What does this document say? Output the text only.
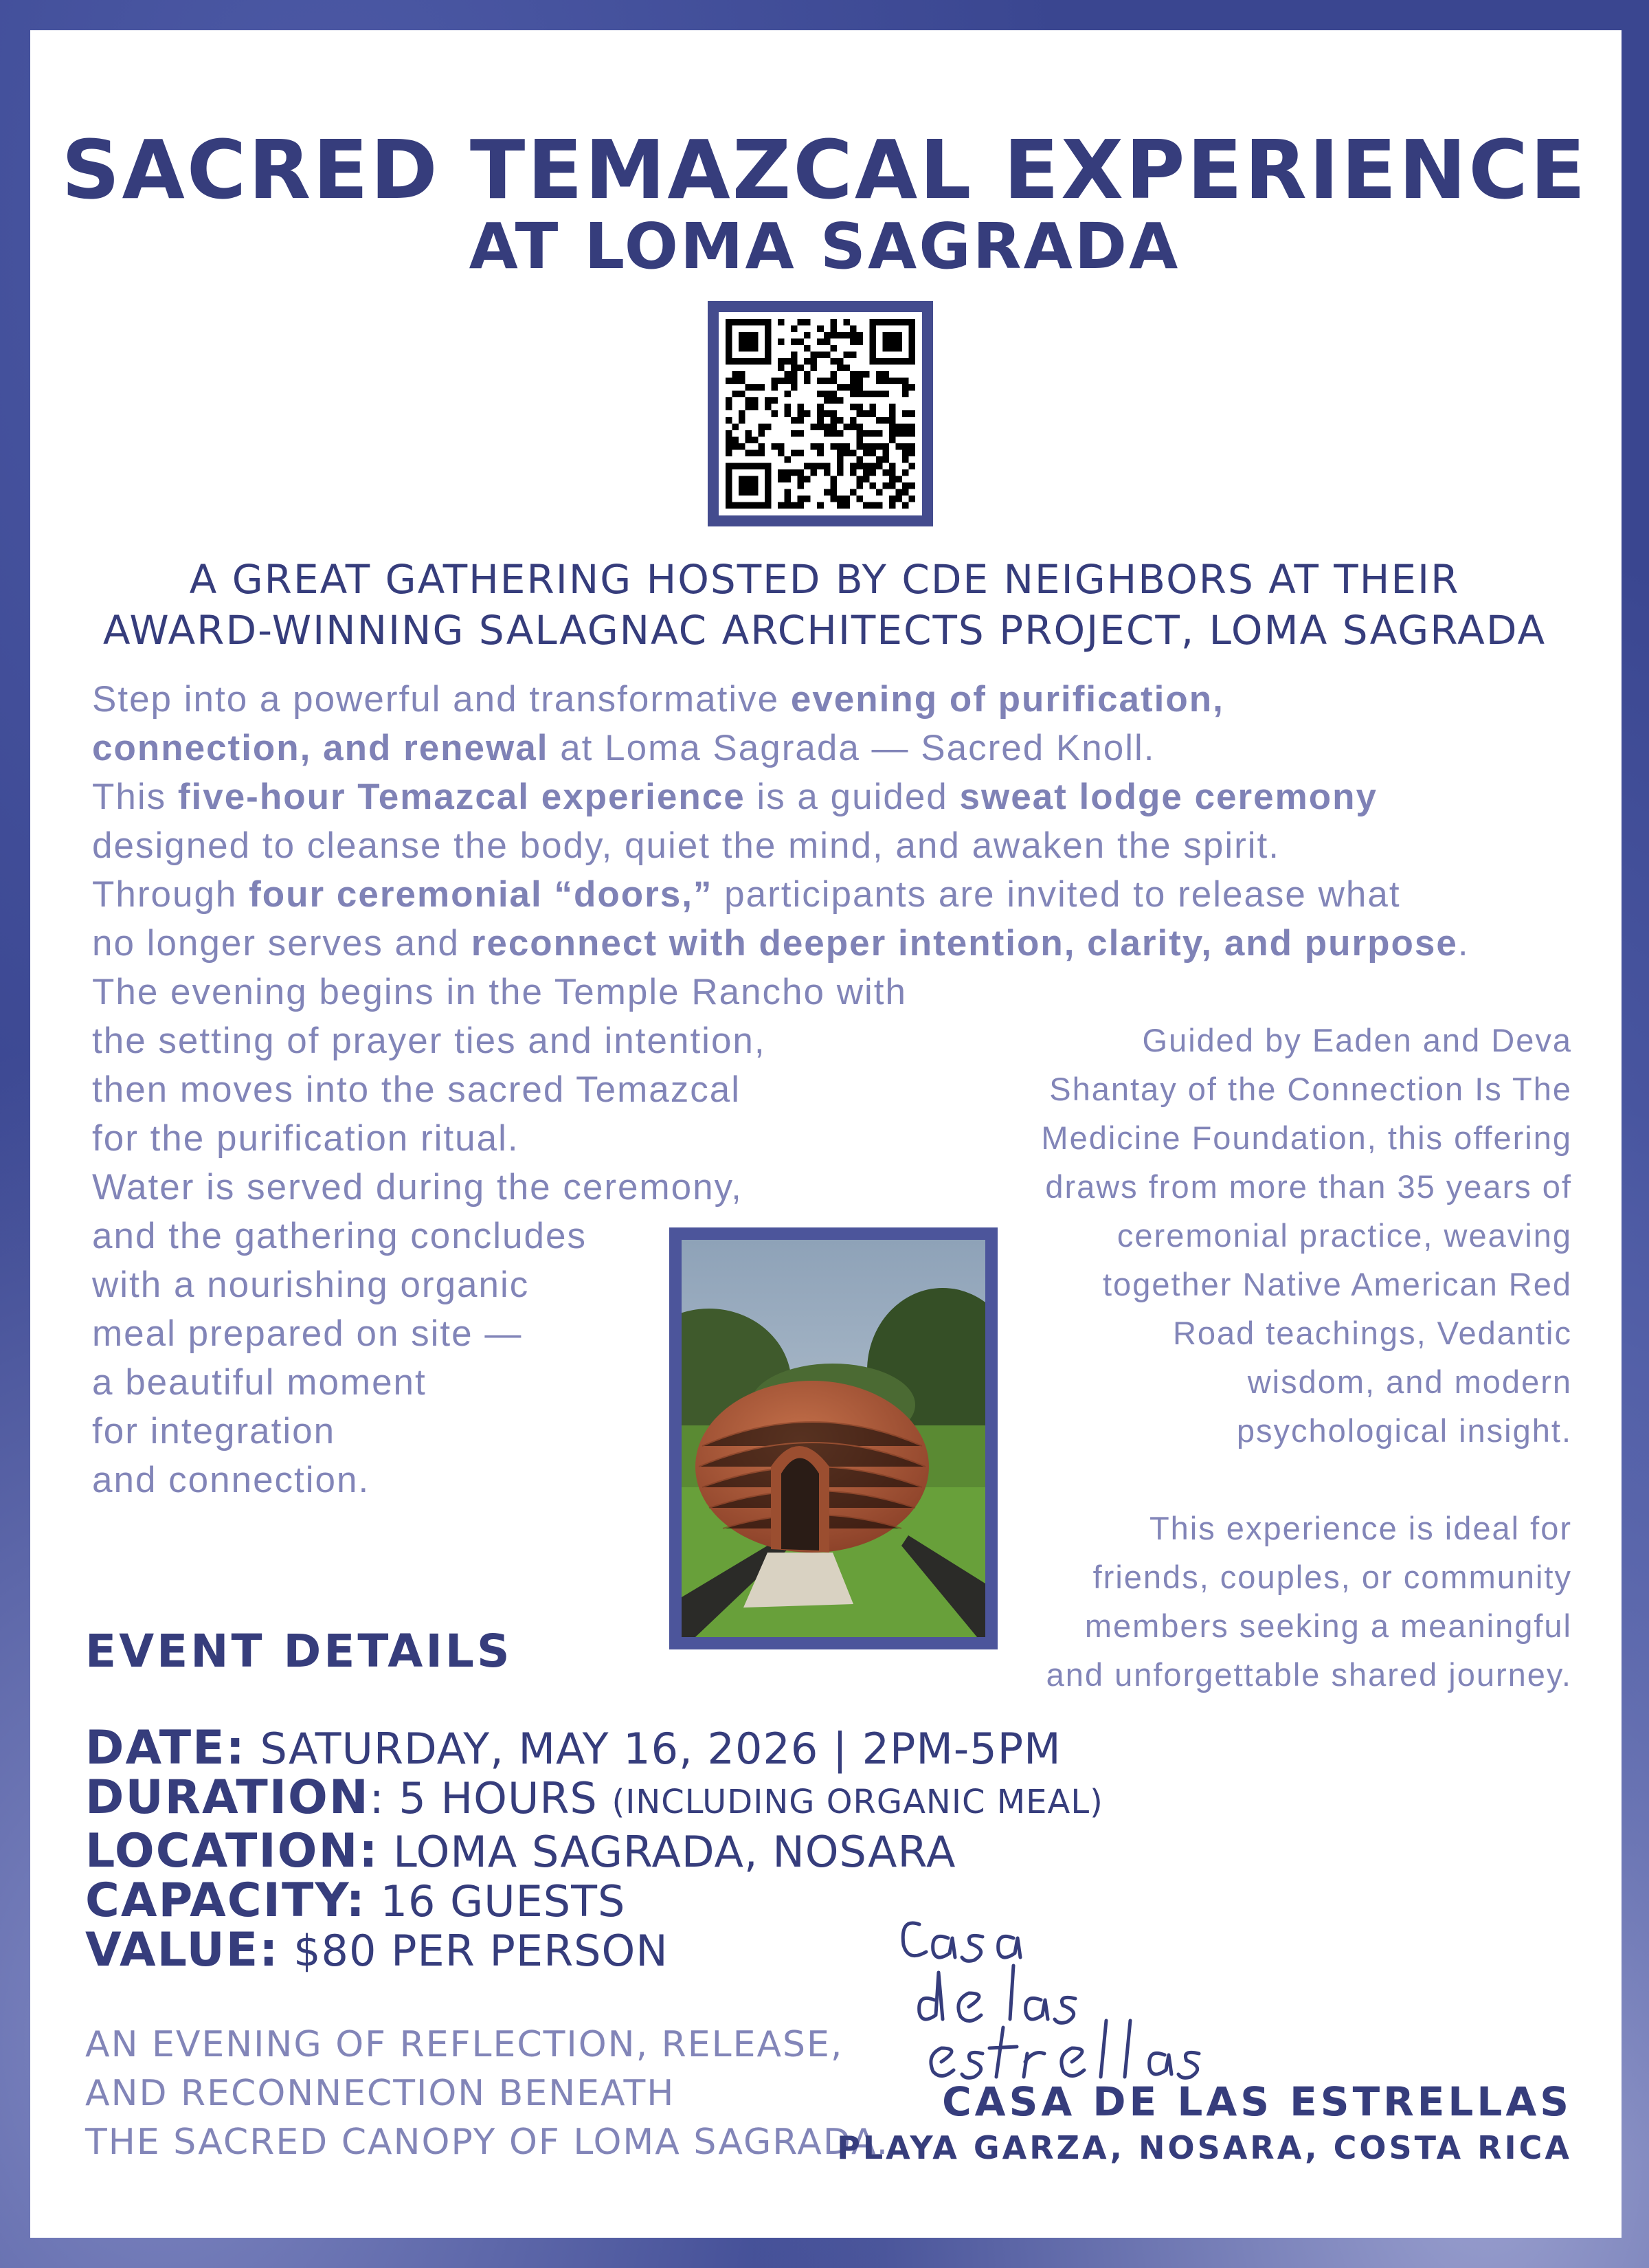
SACRED TEMAZCAL EXPERIENCE
AT LOMA SAGRADA

A GREAT GATHERING HOSTED BY CDE NEIGHBORS AT THEIR

AWARD-WINNING SALAGNAC ARCHITECTS PROJECT, LOMA SAGRADA

Step into a powerful and transformative evening of purification,
connection, and renewal at Loma Sagrada — Sacred Knoll.
This five-hour Temazcal experience is a guided sweat lodge ceremony
designed to cleanse the body, quiet the mind, and awaken the spirit.
Through four ceremonial “doors,” participants are invited to release what
no longer serves and reconnect with deeper intention, clarity, and purpose.
The evening begins in the Temple Rancho with
the setting of prayer ties and intention,
then moves into the sacred Temazcal
for the purification ritual.
Water is served during the ceremony,
and the gathering concludes
with a nourishing organic
meal prepared on site —
a beautiful moment
for integration
and connection.
Guided by Eaden and Deva
Shantay of the Connection Is The
Medicine Foundation, this offering
draws from more than 35 years of
ceremonial practice, weaving
together Native American Red
Road teachings, Vedantic
wisdom, and modern
psychological insight.
This experience is ideal for
friends, couples, or community
members seeking a meaningful
and unforgettable shared journey.
EVENT DETAILS
DATE: SATURDAY, MAY 16, 2026 | 2PM-5PM
DURATION: 5 HOURS (INCLUDING ORGANIC MEAL)
LOCATION: LOMA SAGRADA, NOSARA
CAPACITY: 16 GUESTS
VALUE: $80 PER PERSON
AN EVENING OF REFLECTION, RELEASE,
AND RECONNECTION BENEATH
THE SACRED CANOPY OF LOMA SAGRADA.

CASA DE LAS ESTRELLAS

PLAYA GARZA, NOSARA, COSTA RICA
